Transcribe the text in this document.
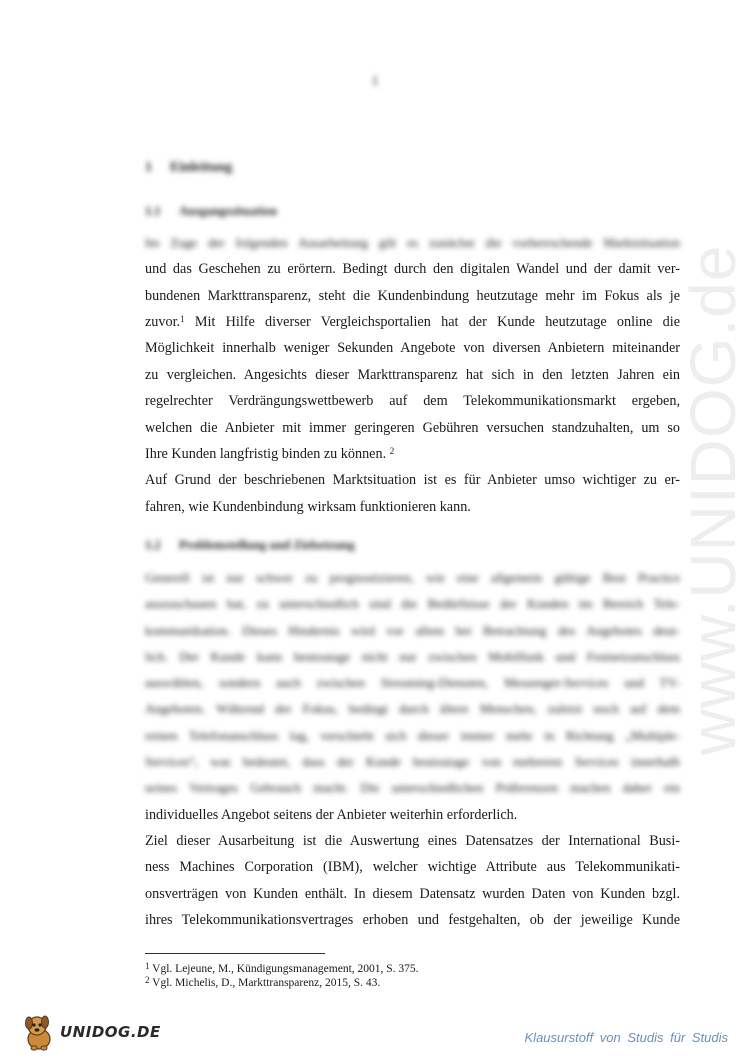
www.UNIDOG.de
1
1 Einleitung
1.1 Ausgangssituation
Im Zuge der folgenden Ausarbeitung gilt es zunächst die vorherrschende Marktsituation
und das Geschehen zu erörtern. Bedingt durch den digitalen Wandel und der damit ver-
bundenen Markttransparenz, steht die Kundenbindung heutzutage mehr im Fokus als je
zuvor.$^1$ Mit Hilfe diverser Vergleichsportalien hat der Kunde heutzutage online die
Möglichkeit innerhalb weniger Sekunden Angebote von diversen Anbietern miteinander
zu vergleichen. Angesichts dieser Markttransparenz hat sich in den letzten Jahren ein
regelrechter Verdrängungswettbewerb auf dem Telekommunikationsmarkt ergeben,
welchen die Anbieter mit immer geringeren Gebühren versuchen standzuhalten, um so
Ihre Kunden langfristig binden zu können. $^2$
Auf Grund der beschriebenen Marktsituation ist es für Anbieter umso wichtiger zu er-
fahren, wie Kundenbindung wirksam funktionieren kann.
1.2 Problemstellung und Zielsetzung
Generell ist nur schwer zu prognostizieren, wie eine allgemein gültige Best Practice
auszuschauen hat, zu unterschiedlich sind die Bedürfnisse der Kunden im Bereich Tele-
kommunikation. Dieses Hindernis wird vor allem bei Betrachtung des Angebotes deut-
lich. Der Kunde kann heutzutage nicht nur zwischen Mobilfunk und Festnetzanschluss
auswählen, sondern auch zwischen Streaming-Diensten, Messenger-Services und TV-
Angeboten. Während der Fokus, bedingt durch ältere Menschen, zuletzt noch auf dem
reinen Telefonanschluss lag, verschiebt sich dieser immer mehr in Richtung „Multiple-
Services“, was bedeutet, dass der Kunde heutzutage von mehreren Services innerhalb
seines Vertrages Gebrauch macht. Die unterschiedlichen Präferenzen machen daher ein
individuelles Angebot seitens der Anbieter weiterhin erforderlich.
Ziel dieser Ausarbeitung ist die Auswertung eines Datensatzes der International Busi-
ness Machines Corporation (IBM), welcher wichtige Attribute aus Telekommunikati-
onsverträgen von Kunden enthält. In diesem Datensatz wurden Daten von Kunden bzgl.
ihres Telekommunikationsvertrages erhoben und festgehalten, ob der jeweilige Kunde
$^1$ Vgl. Lejeune, M., Kündigungsmanagement, 2001, S. 375.
$^2$ Vgl. Michelis, D., Markttransparenz, 2015, S. 43.
UNIDOG.DE	Klausurstoff von Studis für Studis
